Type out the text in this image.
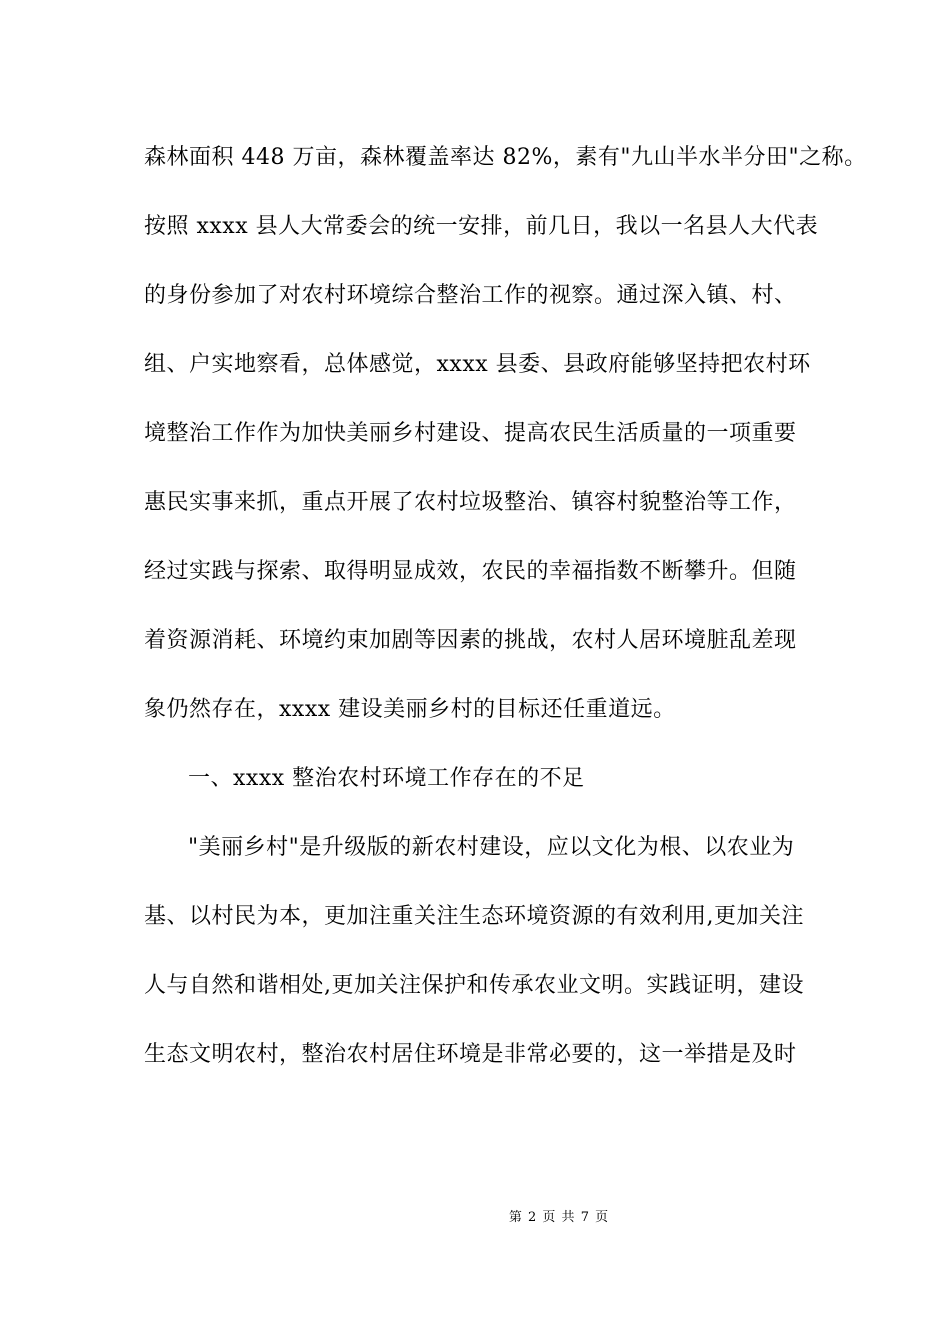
森林面积 448 万亩，森林覆盖率达 82%，素有"九山半水半分田"之称。
按照 xxxx 县人大常委会的统一安排，前几日，我以一名县人大代表
的身份参加了对农村环境综合整治工作的视察。通过深入镇、村、
组、户实地察看，总体感觉，xxxx 县委、县政府能够坚持把农村环
境整治工作作为加快美丽乡村建设、提高农民生活质量的一项重要
惠民实事来抓，重点开展了农村垃圾整治、镇容村貌整治等工作，
经过实践与探索、取得明显成效，农民的幸福指数不断攀升。但随
着资源消耗、环境约束加剧等因素的挑战，农村人居环境脏乱差现
象仍然存在，xxxx 建设美丽乡村的目标还任重道远。
一、xxxx 整治农村环境工作存在的不足
"美丽乡村"是升级版的新农村建设，应以文化为根、以农业为
基、以村民为本，更加注重关注生态环境资源的有效利用,更加关注
人与自然和谐相处,更加关注保护和传承农业文明。实践证明，建设
生态文明农村，整治农村居住环境是非常必要的，这一举措是及时
第 2 页 共 7 页
